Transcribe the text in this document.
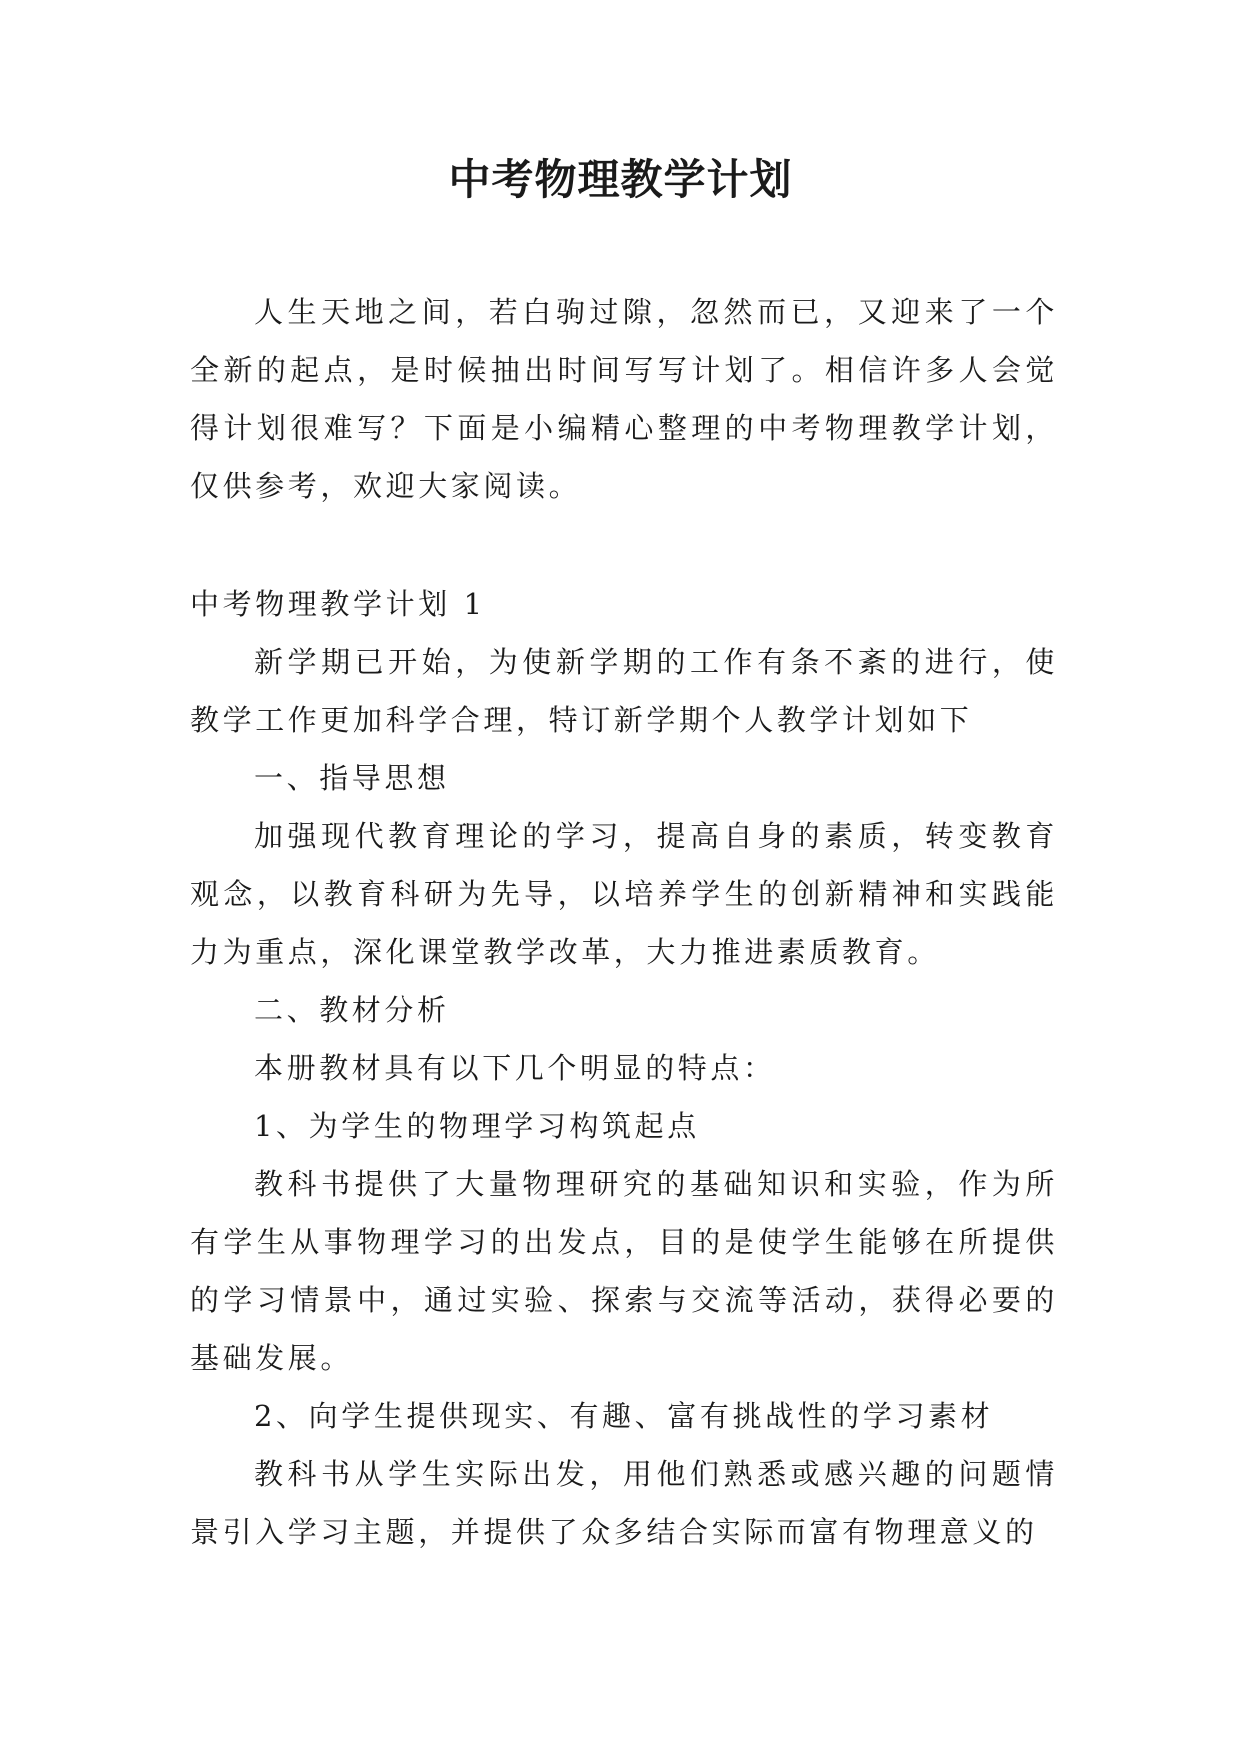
中考物理教学计划

人生天地之间，若白驹过隙，忽然而已，又迎来了一个全新的起点，是时候抽出时间写写计划了。相信许多人会觉得计划很难写？下面是小编精心整理的中考物理教学计划，仅供参考，欢迎大家阅读。

中考物理教学计划 1

新学期已开始，为使新学期的工作有条不紊的进行，使教学工作更加科学合理，特订新学期个人教学计划如下

一、指导思想

加强现代教育理论的学习，提高自身的素质，转变教育观念，以教育科研为先导，以培养学生的创新精神和实践能力为重点，深化课堂教学改革，大力推进素质教育。

二、教材分析

本册教材具有以下几个明显的特点：

1、为学生的物理学习构筑起点

教科书提供了大量物理研究的基础知识和实验，作为所有学生从事物理学习的出发点，目的是使学生能够在所提供的学习情景中，通过实验、探索与交流等活动，获得必要的基础发展。

2、向学生提供现实、有趣、富有挑战性的学习素材

教科书从学生实际出发，用他们熟悉或感兴趣的问题情景引入学习主题，并提供了众多结合实际而富有物理意义的
